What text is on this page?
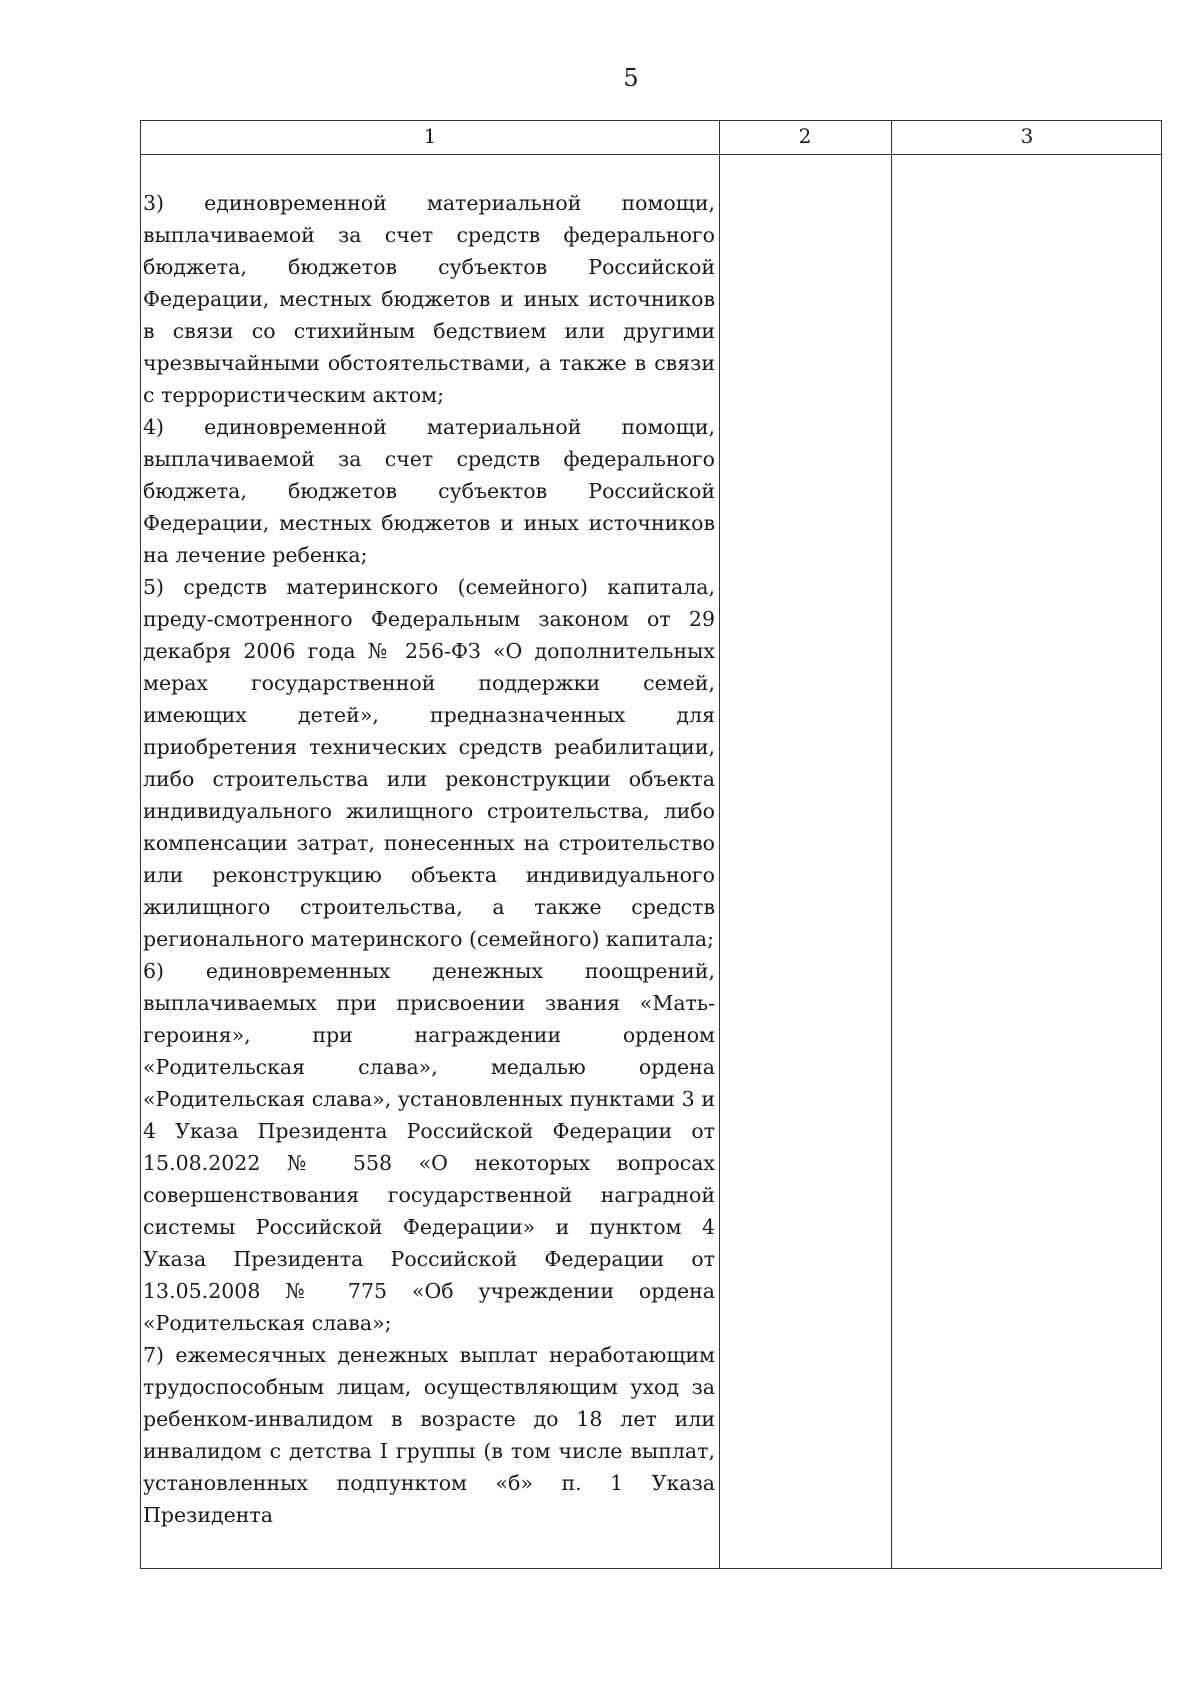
5
1	2	3

3) единовременной материальной помощи, выплачиваемой за счет средств федерального бюджета, бюджетов субъектов Российской Федерации, местных бюджетов и иных источников в связи со стихийным бедствием или другими чрезвычайными обстоятельствами, а также в связи с террористическим актом;

4) единовременной материальной помощи, выплачиваемой за счет средств федерального бюджета, бюджетов субъектов Российской Федерации, местных бюджетов и иных источников на лечение ребенка;

5) средств материнского (семейного) капитала, преду-смотренного Федеральным законом от 29 декабря 2006 года № 256-ФЗ «О дополнительных мерах государственной поддержки семей, имеющих детей», предназначенных для приобретения технических средств реабилитации, либо строительства или реконструкции объекта индивидуального жилищного строительства, либо компенсации затрат, понесенных на строительство или реконструкцию объекта индивидуального жилищного строительства, а также средств регионального материнского (семейного) капитала;

6) единовременных денежных поощрений, выплачиваемых при присвоении звания «Мать-героиня», при награждении орденом «Родительская слава», медалью ордена «Родительская слава», установленных пунктами 3 и 4 Указа Президента Российской Федерации от 15.08.2022 № 558 «О некоторых вопросах совершенствования государственной наградной системы Российской Федерации» и пунктом 4 Указа Президента Российской Федерации от 13.05.2008 № 775 «Об учреждении ордена «Родительская слава»;

7) ежемесячных денежных выплат неработающим трудоспособным лицам, осуществляющим уход за ребенком-инвалидом в возрасте до 18 лет или инвалидом с детства I группы (в том числе выплат, установленных подпунктом «б» п. 1 Указа Президента
